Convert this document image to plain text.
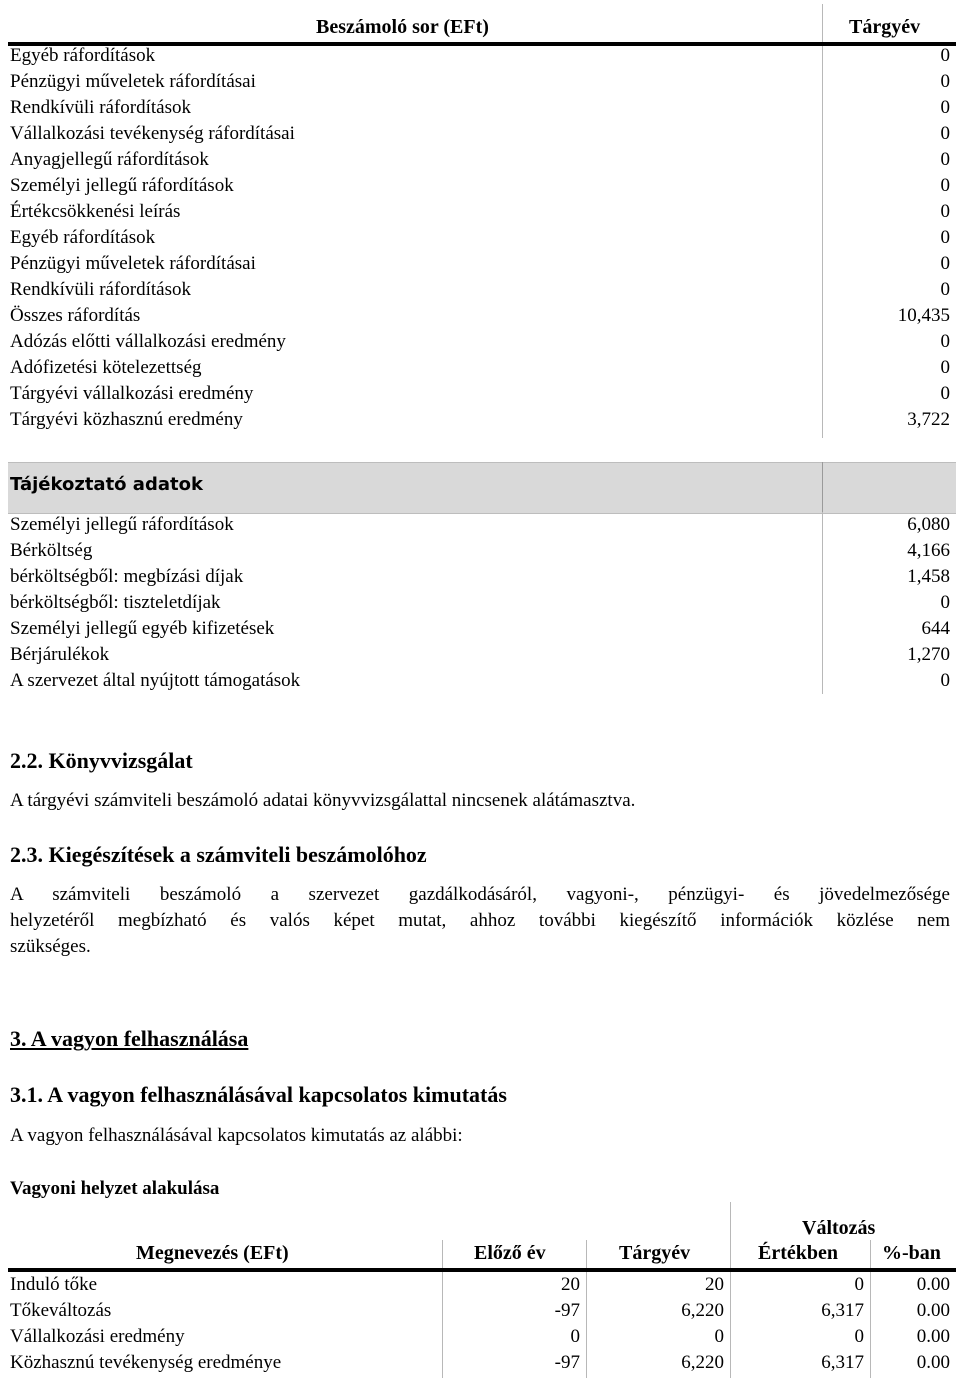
Beszámoló sor (EFt)	Tárgyév
Egyéb ráfordítások	0
Pénzügyi műveletek ráfordításai	0
Rendkívüli ráfordítások	0
Vállalkozási tevékenység ráfordításai	0
Anyagjellegű ráfordítások	0
Személyi jellegű ráfordítások	0
Értékcsökkenési leírás	0
Egyéb ráfordítások	0
Pénzügyi műveletek ráfordításai	0
Rendkívüli ráfordítások	0
Összes ráfordítás	10,435
Adózás előtti vállalkozási eredmény	0
Adófizetési kötelezettség	0
Tárgyévi vállalkozási eredmény	0
Tárgyévi közhasznú eredmény	3,722
Tájékoztató adatok
Személyi jellegű ráfordítások	6,080
Bérköltség	4,166
bérköltségből: megbízási díjak	1,458
bérköltségből: tiszteletdíjak	0
Személyi jellegű egyéb kifizetések	644
Bérjárulékok	1,270
A szervezet által nyújtott támogatások	0
2.2. Könyvvizsgálat
A tárgyévi számviteli beszámoló adatai könyvvizsgálattal nincsenek alátámasztva.
2.3. Kiegészítések a számviteli beszámolóhoz
A számviteli beszámoló a szervezet gazdálkodásáról, vagyoni-, pénzügyi- és jövedelmezősége
helyzetéről megbízható és valós képet mutat, ahhoz további kiegészítő információk közlése nem
szükséges.
3. A vagyon felhasználása
3.1. A vagyon felhasználásával kapcsolatos kimutatás
A vagyon felhasználásával kapcsolatos kimutatás az alábbi:
Vagyoni helyzet alakulása
Változás
Megnevezés (EFt)	Előző év	Tárgyév	Értékben %-ban
Induló tőke	20	20	0	0.00
Tőkeváltozás	-97	6,220	6,317	0.00
Vállalkozási eredmény	0	0	0	0.00
Közhasznú tevékenység eredménye	-97	6,220	6,317	0.00
